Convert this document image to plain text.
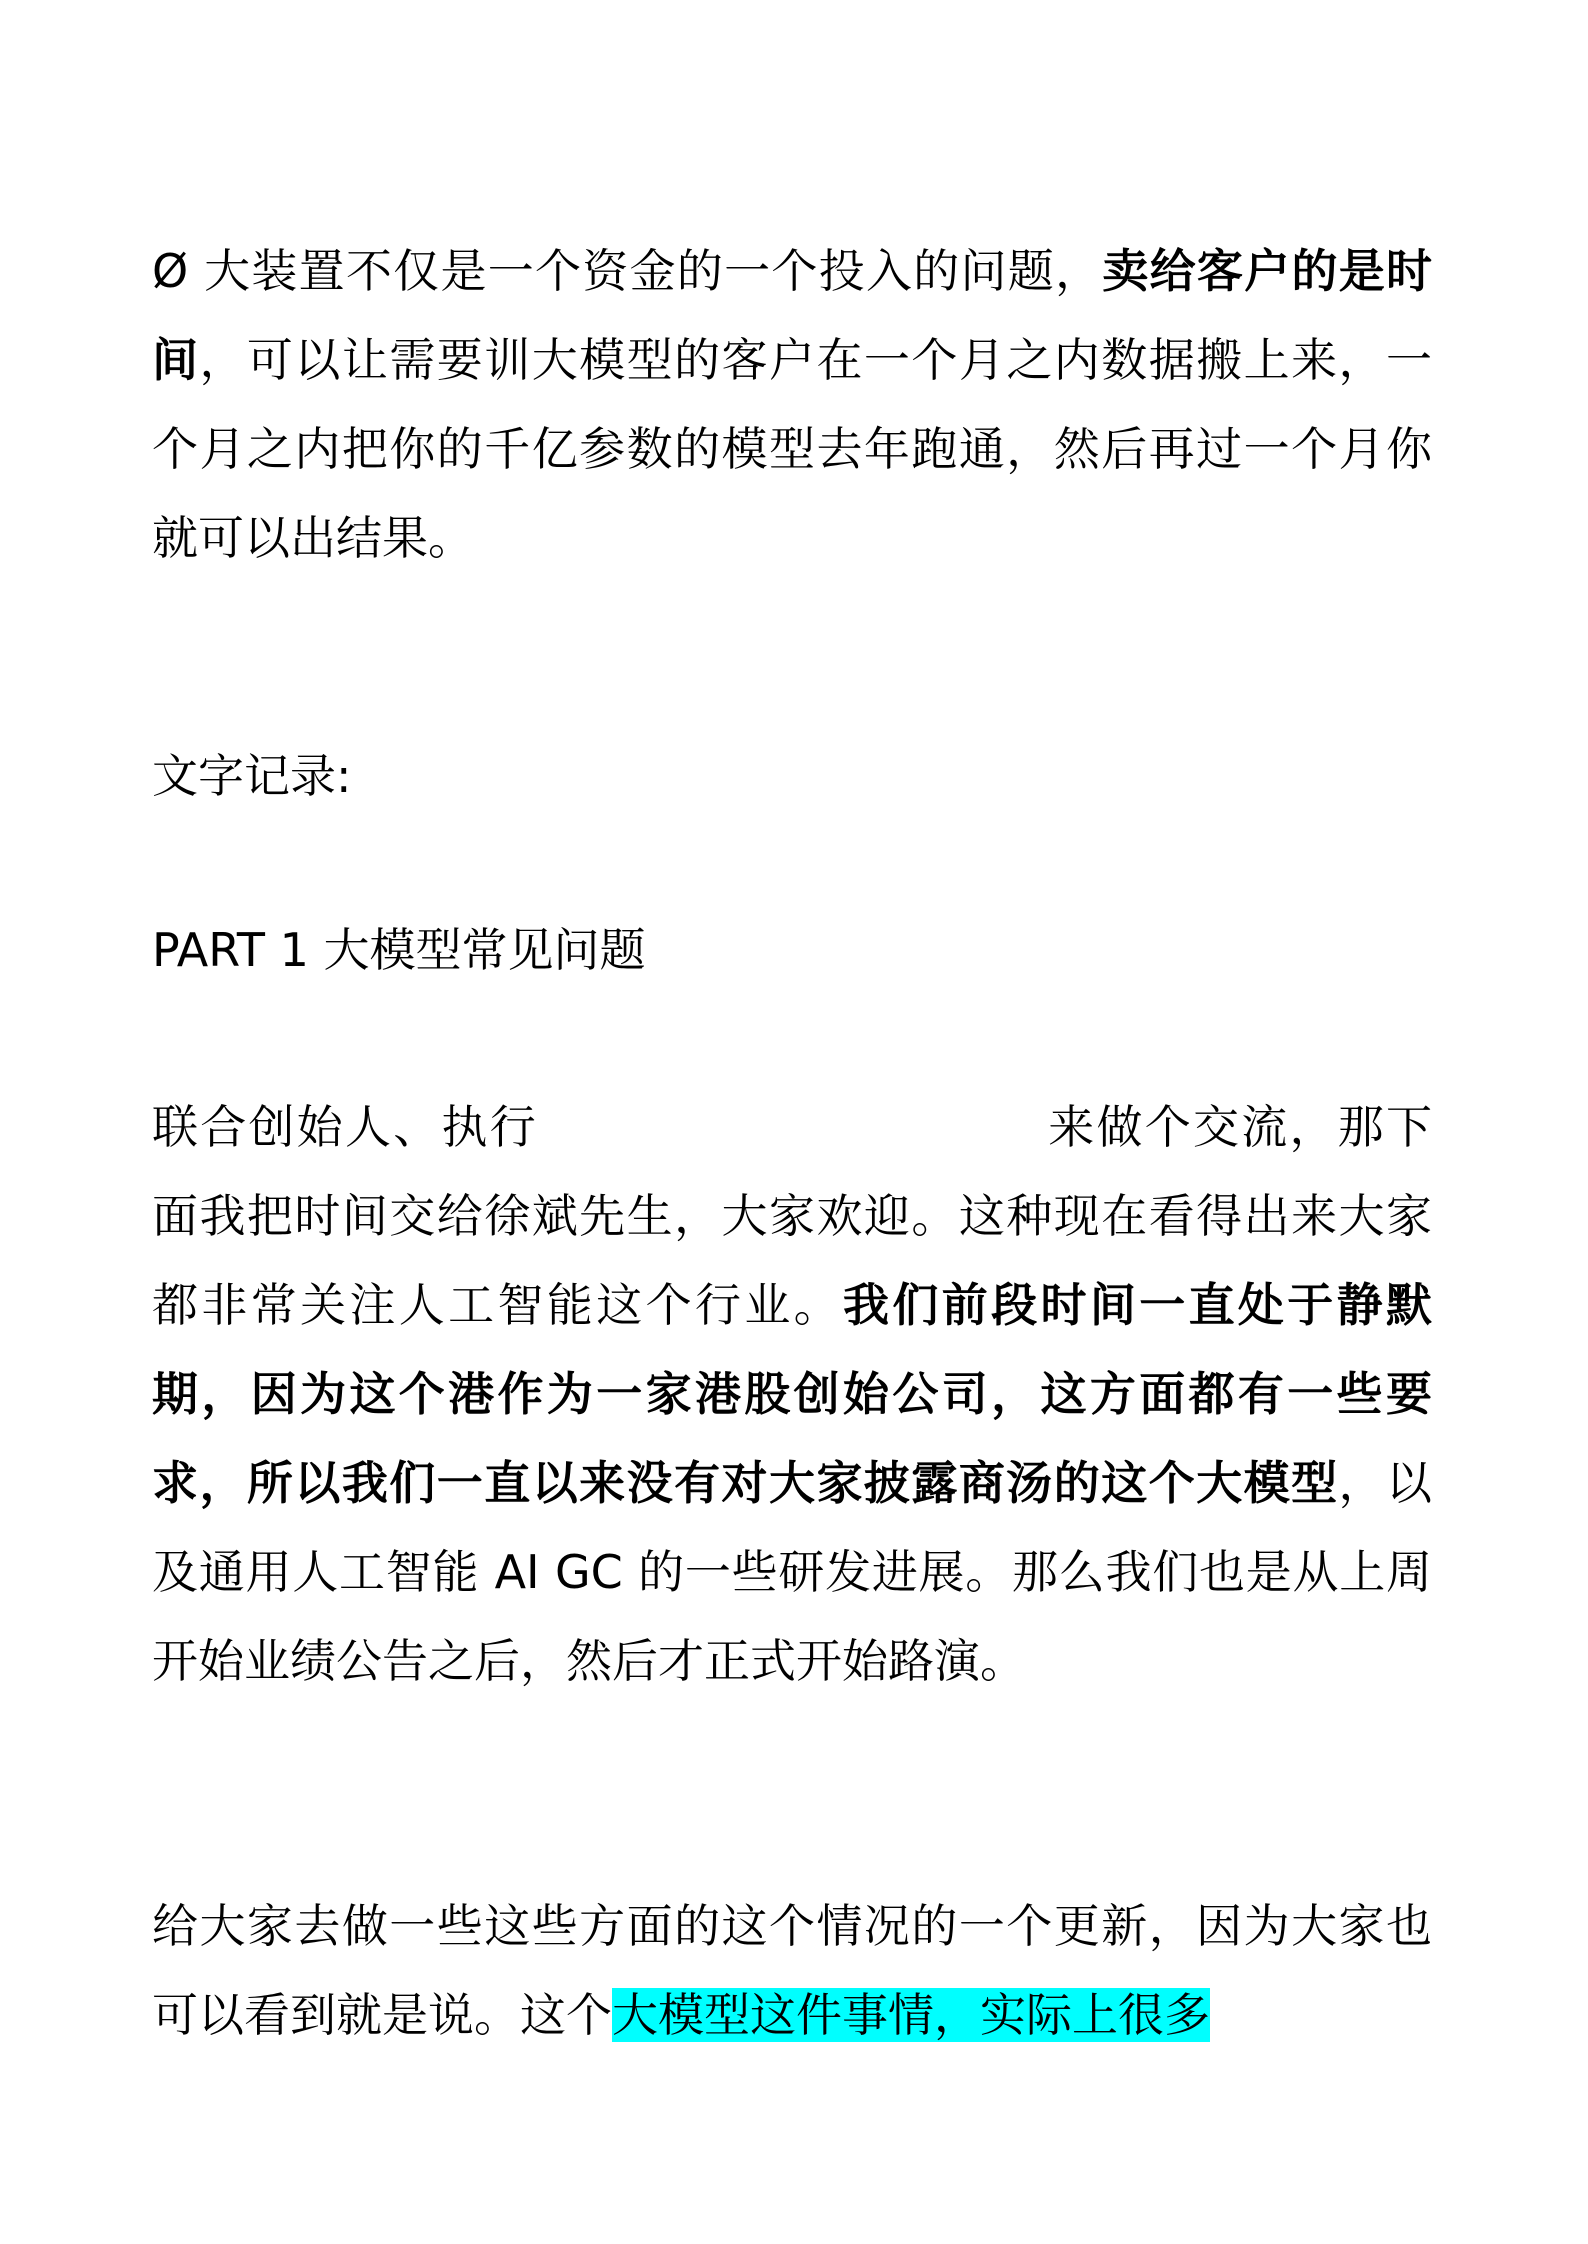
Ø 大装置不仅是一个资金的一个投入的问题，卖给客户的是时间，可以让需要训大模型的客户在一个月之内数据搬上来，一个月之内把你的千亿参数的模型去年跑通，然后再过一个月你就可以出结果。
文字记录:
PART 1 大模型常见问题
联合创始人、执行	来做个交流，那下面我把时间交给徐斌先生，大家欢迎。这种现在看得出来大家都非常关注人工智能这个行业。我们前段时间一直处于静默期，因为这个港作为一家港股创始公司，这方面都有一些要求，所以我们一直以来没有对大家披露商汤的这个大模型，以及通用人工智能 AI GC 的一些研发进展。那么我们也是从上周开始业绩公告之后，然后才正式开始路演。
给大家去做一些这些方面的这个情况的一个更新，因为大家也可以看到就是说。这个大模型这件事情，实际上很多
